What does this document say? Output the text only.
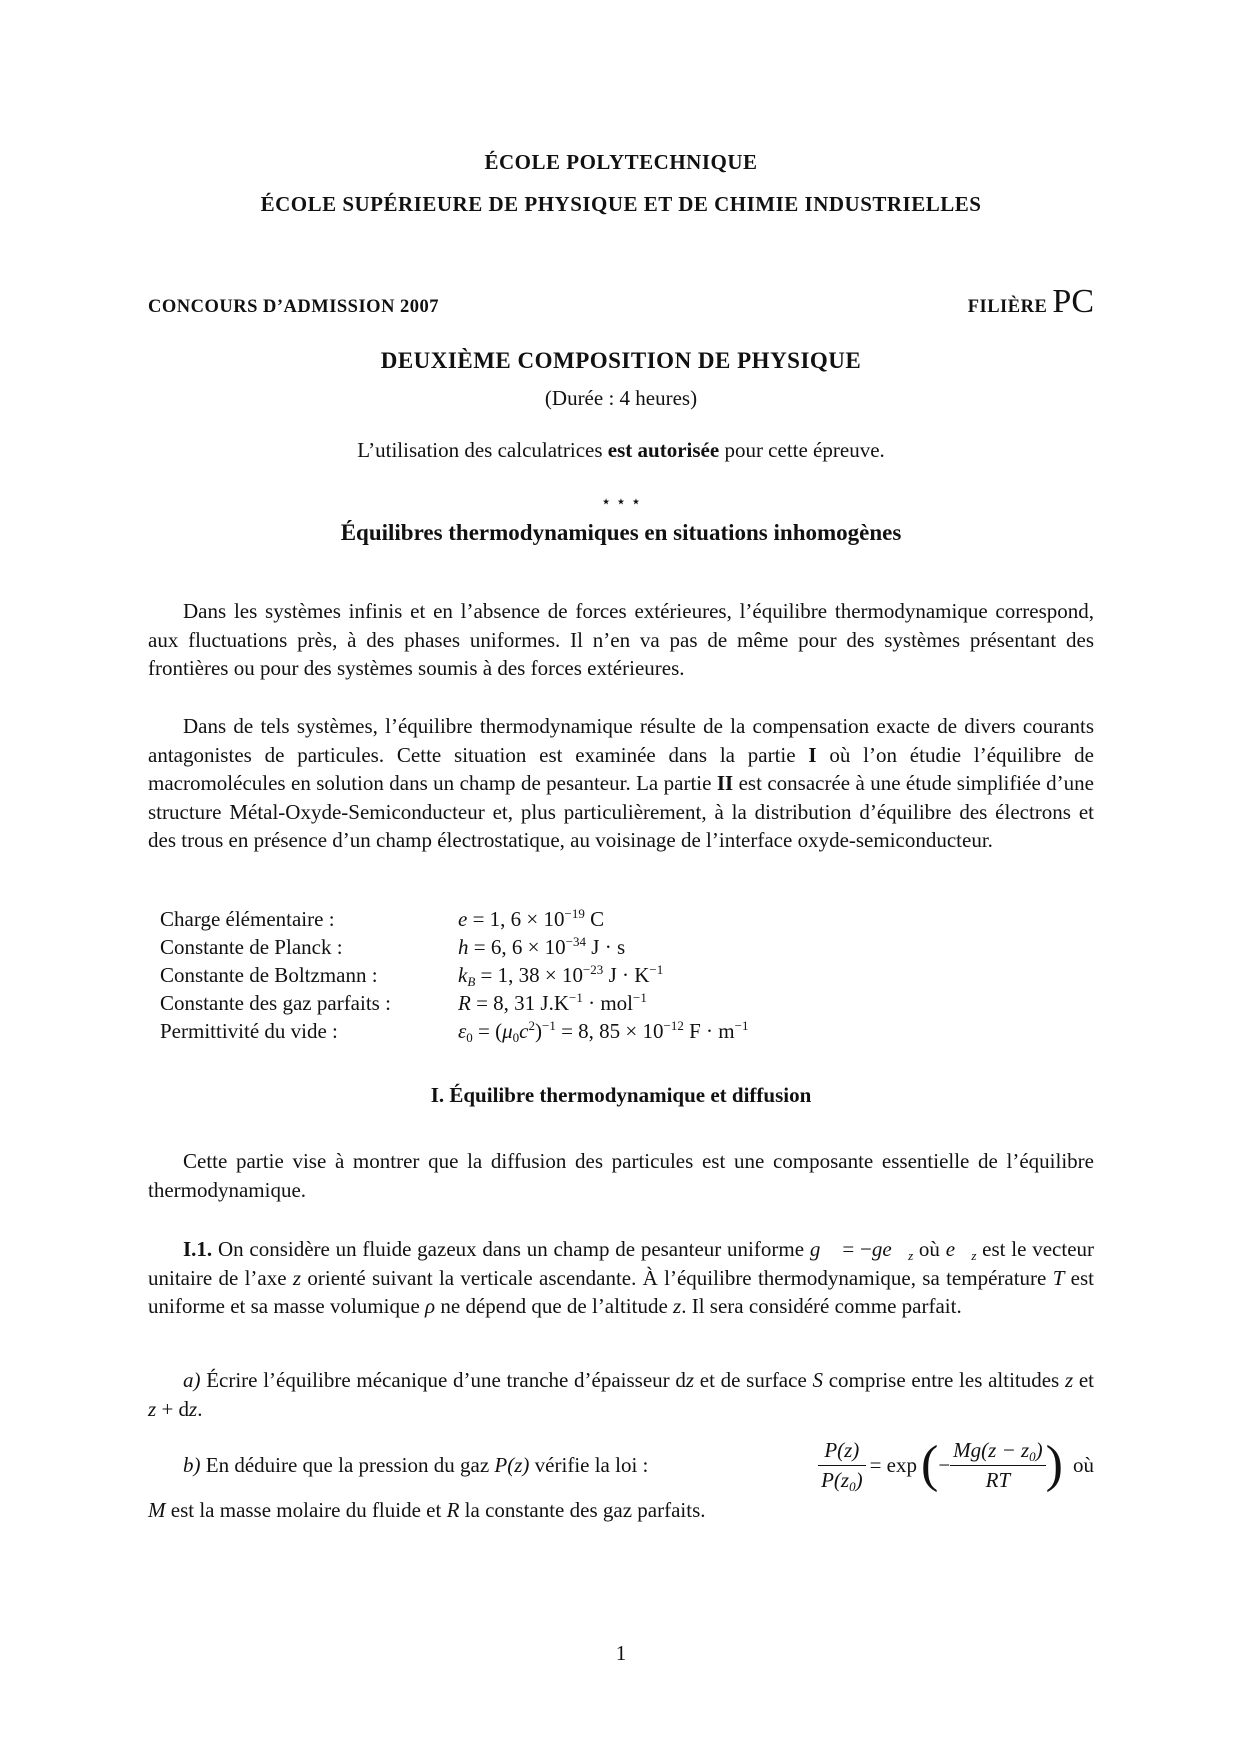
ÉCOLE POLYTECHNIQUE
ÉCOLE SUPÉRIEURE DE PHYSIQUE ET DE CHIMIE INDUSTRIELLES
CONCOURS D’ADMISSION 2007	FILIÈRE PC
DEUXIÈME COMPOSITION DE PHYSIQUE
(Durée : 4 heures)
L’utilisation des calculatrices est autorisée pour cette épreuve.
⋆ ⋆ ⋆
Équilibres thermodynamiques en situations inhomogènes

Dans les systèmes infinis et en l’absence de forces extérieures, l’équilibre thermodynamique correspond, aux fluctuations près, à des phases uniformes. Il n’en va pas de même pour des systèmes présentant des frontières ou pour des systèmes soumis à des forces extérieures.

Dans de tels systèmes, l’équilibre thermodynamique résulte de la compensation exacte de divers courants antagonistes de particules. Cette situation est examinée dans la partie I où l’on étudie l’équilibre de macromolécules en solution dans un champ de pesanteur. La partie II est consacrée à une étude simplifiée d’une structure Métal-Oxyde-Semiconducteur et, plus particulièrement, à la distribution d’équilibre des électrons et des trous en présence d’un champ électrostatique, au voisinage de l’interface oxyde-semiconducteur.

Charge élémentaire :	e = 1, $6 \times 10^{-19}$ C
Constante de Planck :	h = 6, $6 \times 10^{-34}$ J · s
Constante de Boltzmann :	$k_B = 1$, $38 \times 10^{-23}$ $J \cdot K^{-1}$
Constante des gaz parfaits :	R = 8, 31 $J.K^{-1} \cdot mol^{-1}$
Permittivité du vide :	$\varepsilon_0 = (\mu_0c^2)^{-1} = 8$, $85 \times 10^{-12}$ $F \cdot m^{-1}$
I. Équilibre thermodynamique et diffusion

Cette partie vise à montrer que la diffusion des particules est une composante essentielle de l’équilibre thermodynamique.

I.1. On considère un fluide gazeux dans un champ de pesanteur uniforme g⃗ = $-ge⃗_z$ où $e⃗_z$ est le vecteur unitaire de l’axe z orienté suivant la verticale ascendante. À l’équilibre thermodynamique, sa température T est uniforme et sa masse volumique ρ ne dépend que de l’altitude z. Il sera considéré comme parfait.

a) Écrire l’équilibre mécanique d’une tranche d’épaisseur dz et de surface S comprise entre les altitudes z et z + dz.

b) En déduire que la pression du gaz P(z) vérifie la loi :	$\frac{P(z)}{P(z_0)} = \exp$ ( − $\frac{Mg(z - z_0)}{RT}$ ) où
M est la masse molaire du fluide et R la constante des gaz parfaits.
1
